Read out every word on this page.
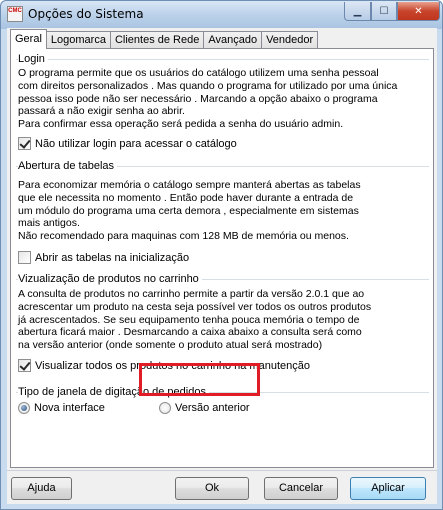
CMC Opções do Sistema	▁ ☐	✕
Geral Logomarca Clientes de Rede Avançado Vendedor
Login
O programa permite que os usuários do catálogo utilizem uma senha pessoal
com direitos personalizados . Mas quando o programa for utilizado por uma única
pessoa isso pode não ser necessário . Marcando a opção abaixo o programa
passará a não exigir senha ao abrir.
Para confirmar essa operação será pedida a senha do usuário admin.
Não utilizar login para acessar o catálogo
Abertura de tabelas
Para economizar memória o catálogo sempre manterá abertas as tabelas
que ele necessita no momento . Então pode haver durante a entrada de
um módulo do programa uma certa demora , especialmente em sistemas
mais antigos.
Não recomendado para maquinas com 128 MB de memória ou menos.
Abrir as tabelas na inicialização
Vizualização de produtos no carrinho
A consulta de produtos no carrinho permite a partir da versão 2.0.1 que ao
acrescentar um produto na cesta seja possível ver todos os outros produtos
já acrescentados. Se seu equipamento tenha pouca memória o tempo de
abertura ficará maior . Desmarcando a caixa abaixo a consulta será como
na versão anterior (onde somente o produto atual será mostrado)
Visualizar todos os produtos no carrinho na manutenção
Tipo de janela de digitação de pedidos
Nova interface	Versão anterior
Ajuda	Ok	Cancelar	Aplicar
